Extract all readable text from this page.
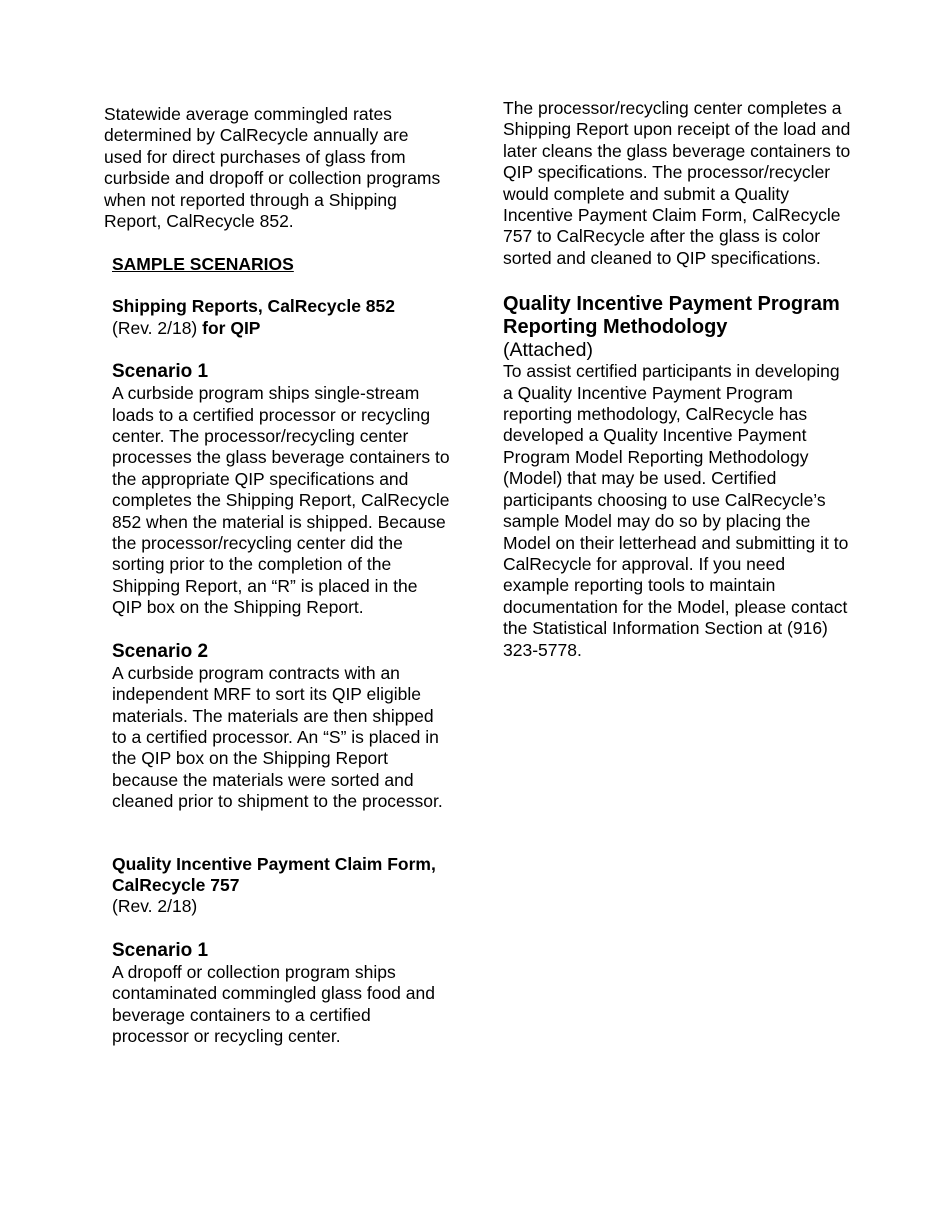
Statewide average commingled rates determined by CalRecycle annually are used for direct purchases of glass from curbside and dropoff or collection programs when not reported through a Shipping Report, CalRecycle 852.

SAMPLE SCENARIOS

Shipping Reports, CalRecycle 852
(Rev. 2/18) for QIP

Scenario 1

A curbside program ships single-stream loads to a certified processor or recycling center. The processor/recycling center processes the glass beverage containers to the appropriate QIP specifications and completes the Shipping Report, CalRecycle 852 when the material is shipped. Because the processor/recycling center did the sorting prior to the completion of the Shipping Report, an “R” is placed in the QIP box on the Shipping Report.

Scenario 2

A curbside program contracts with an independent MRF to sort its QIP eligible materials. The materials are then shipped to a certified processor. An “S” is placed in the QIP box on the Shipping Report because the materials were sorted and cleaned prior to shipment to the processor.

Quality Incentive Payment Claim Form, CalRecycle 757
(Rev. 2/18)

Scenario 1

A dropoff or collection program ships contaminated commingled glass food and beverage containers to a certified processor or recycling center.

The processor/recycling center completes a Shipping Report upon receipt of the load and later cleans the glass beverage containers to QIP specifications. The processor/recycler would complete and submit a Quality Incentive Payment Claim Form, CalRecycle 757 to CalRecycle after the glass is color sorted and cleaned to QIP specifications.

Quality Incentive Payment Program Reporting Methodology

(Attached)

To assist certified participants in developing a Quality Incentive Payment Program reporting methodology, CalRecycle has developed a Quality Incentive Payment Program Model Reporting Methodology (Model) that may be used. Certified participants choosing to use CalRecycle’s sample Model may do so by placing the Model on their letterhead and submitting it to CalRecycle for approval. If you need example reporting tools to maintain documentation for the Model, please contact the Statistical Information Section at (916) 323-5778.
